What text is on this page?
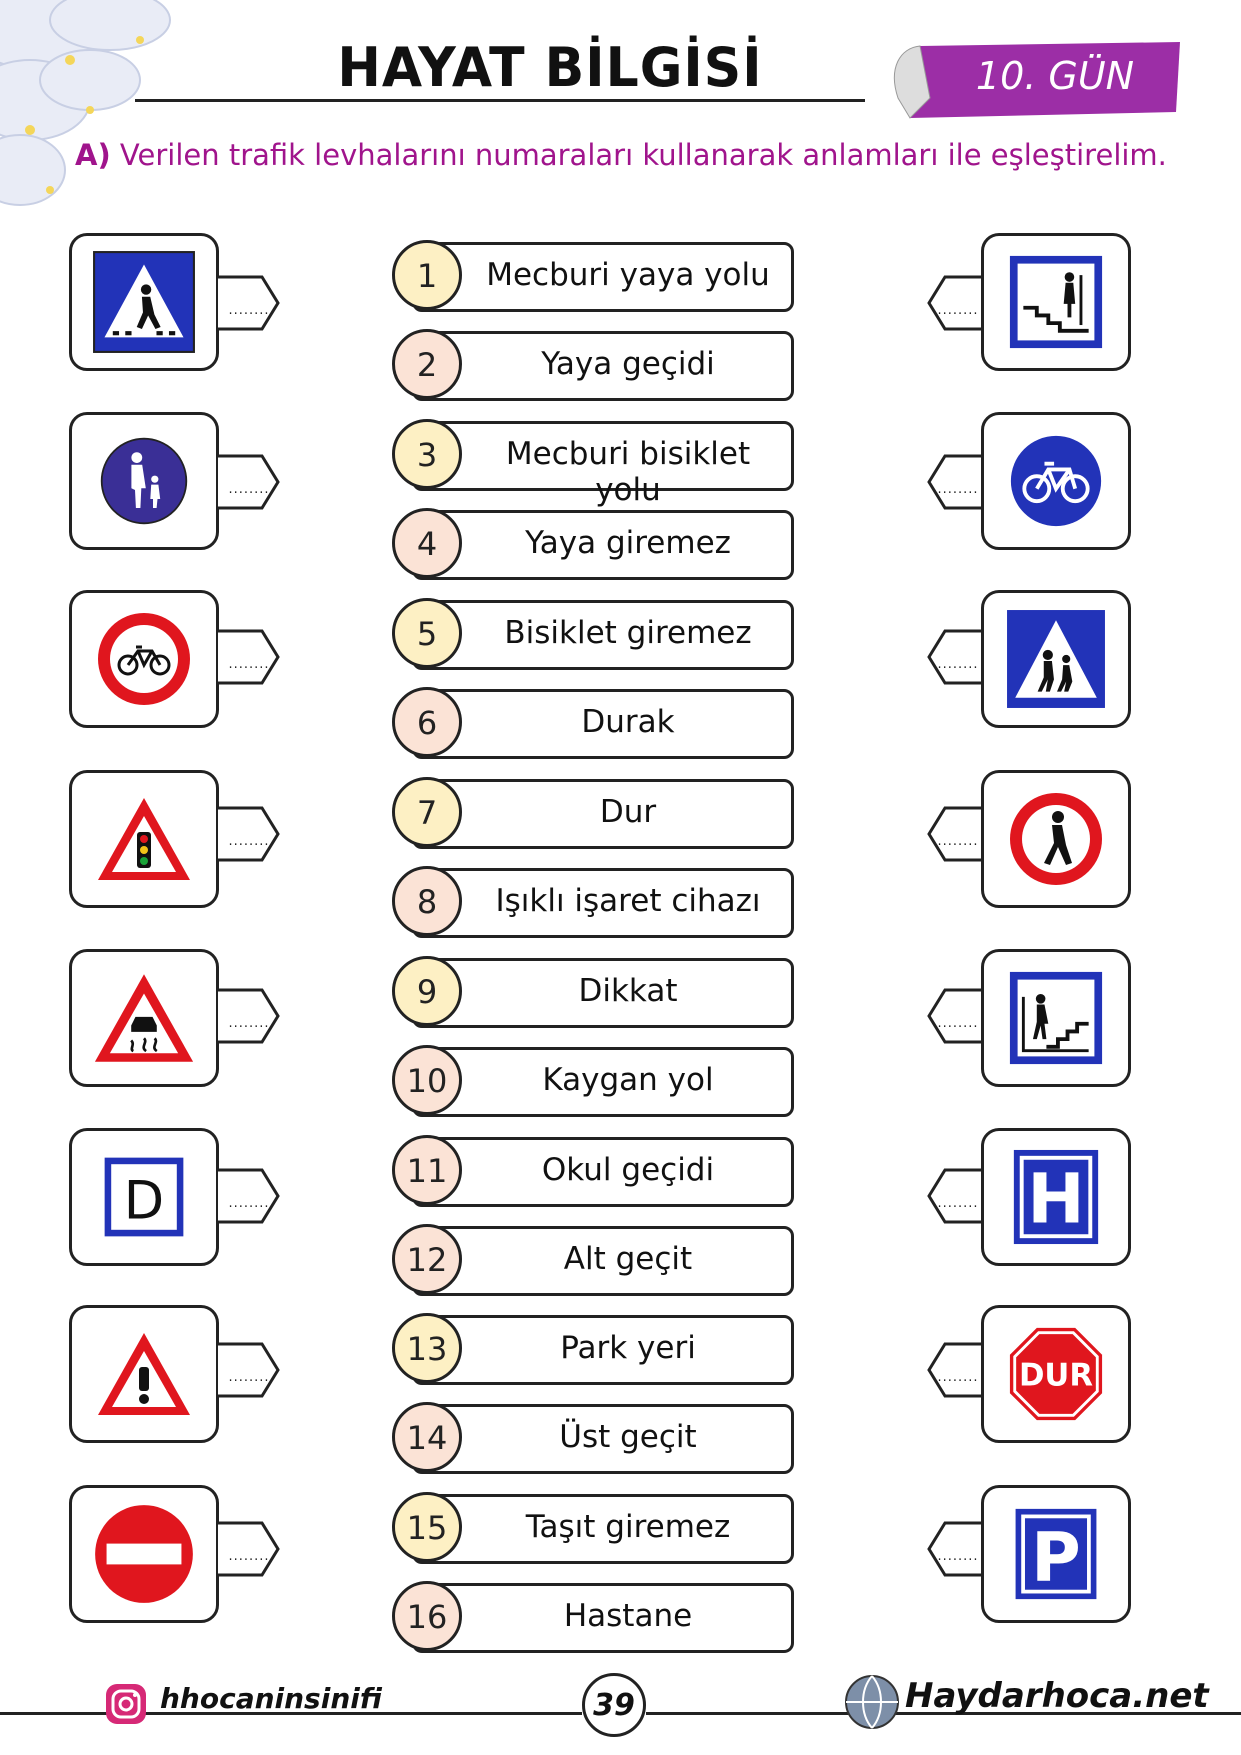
HAYAT BİLGİSİ	10. GÜN
A) Verilen trafik levhalarını numaraları kullanarak anlamları ile eşleştirelim.
........
........
........
........
........
D	........
........
........
........
........
........
........
........
........ H
........	DUR
........ P
Mecburi yaya yolu
1
Yaya geçidi
2
Mecburi bisiklet yolu
3
Yaya giremez
4
Bisiklet giremez
5
Durak
6
Dur
7
Işıklı işaret cihazı
8
Dikkat
9
Kaygan yol
10
Okul geçidi
11
Alt geçit
12
Park yeri
13
Üst geçit
14
Taşıt giremez
15
Hastane
16
hhocaninsinifi	39	Haydarhoca.net
